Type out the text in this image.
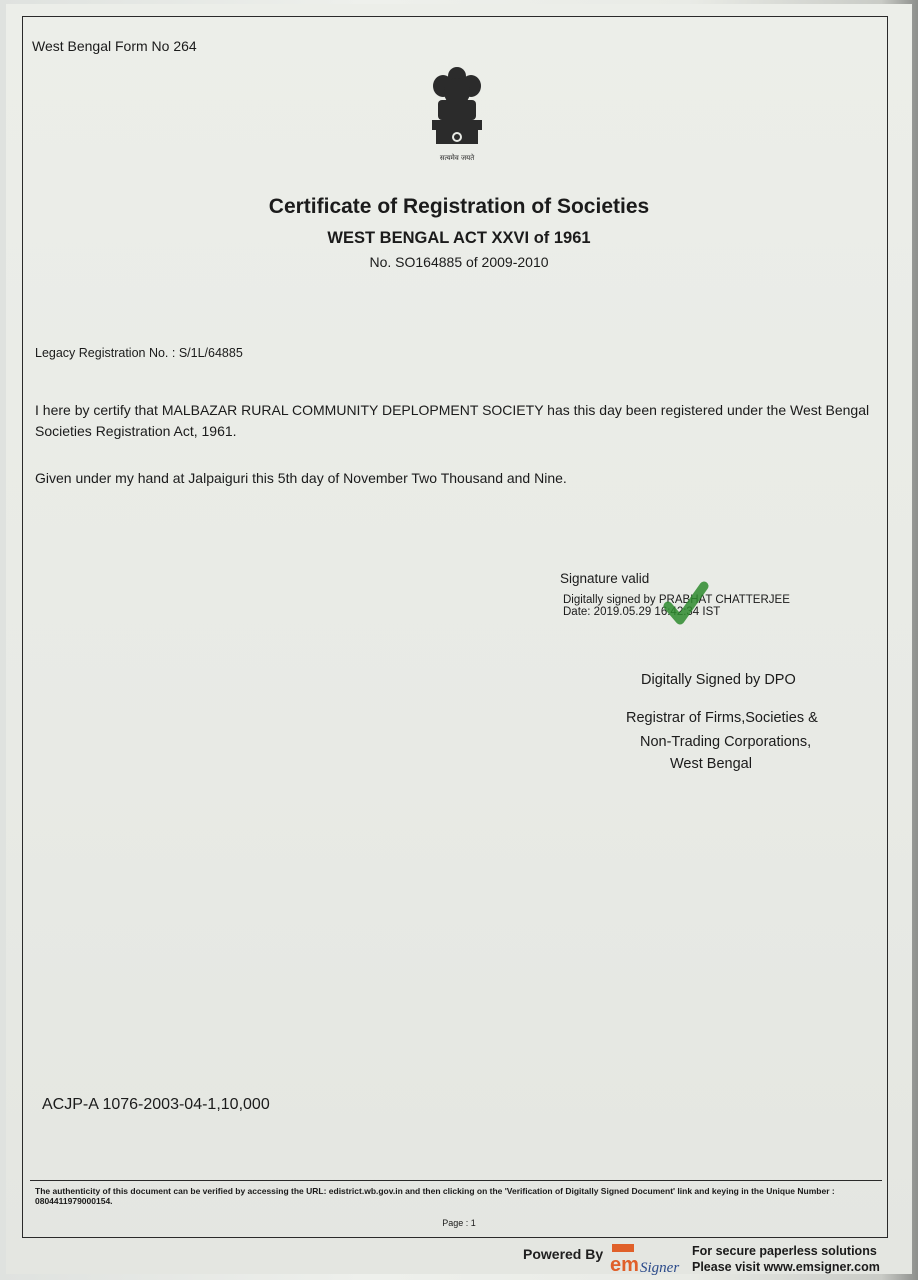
West Bengal Form No 264
सत्यमेव जयते
Certificate of Registration of Societies
WEST BENGAL ACT XXVI of 1961
No. SO164885 of 2009-2010
Legacy Registration No. : S/1L/64885
I here by certify that MALBAZAR RURAL COMMUNITY DEPLOPMENT SOCIETY has this day been registered under the West Bengal Societies Registration Act, 1961.
Given under my hand at Jalpaiguri this 5th day of November Two Thousand and Nine.
Signature valid
Digitally signed by PRABHAT CHATTERJEE
Date: 2019.05.29 16:42:34 IST
Digitally Signed by DPO
Registrar of Firms,Societies &
Non-Trading Corporations,
West Bengal
ACJP-A 1076-2003-04-1,10,000
The authenticity of this document can be verified by accessing the URL: edistrict.wb.gov.in and then clicking on the 'Verification of Digitally Signed Document' link and keying in the Unique Number : 0804411979000154.
Page : 1
Powered By em Signer
For secure paperless solutions
Please visit www.emsigner.com
